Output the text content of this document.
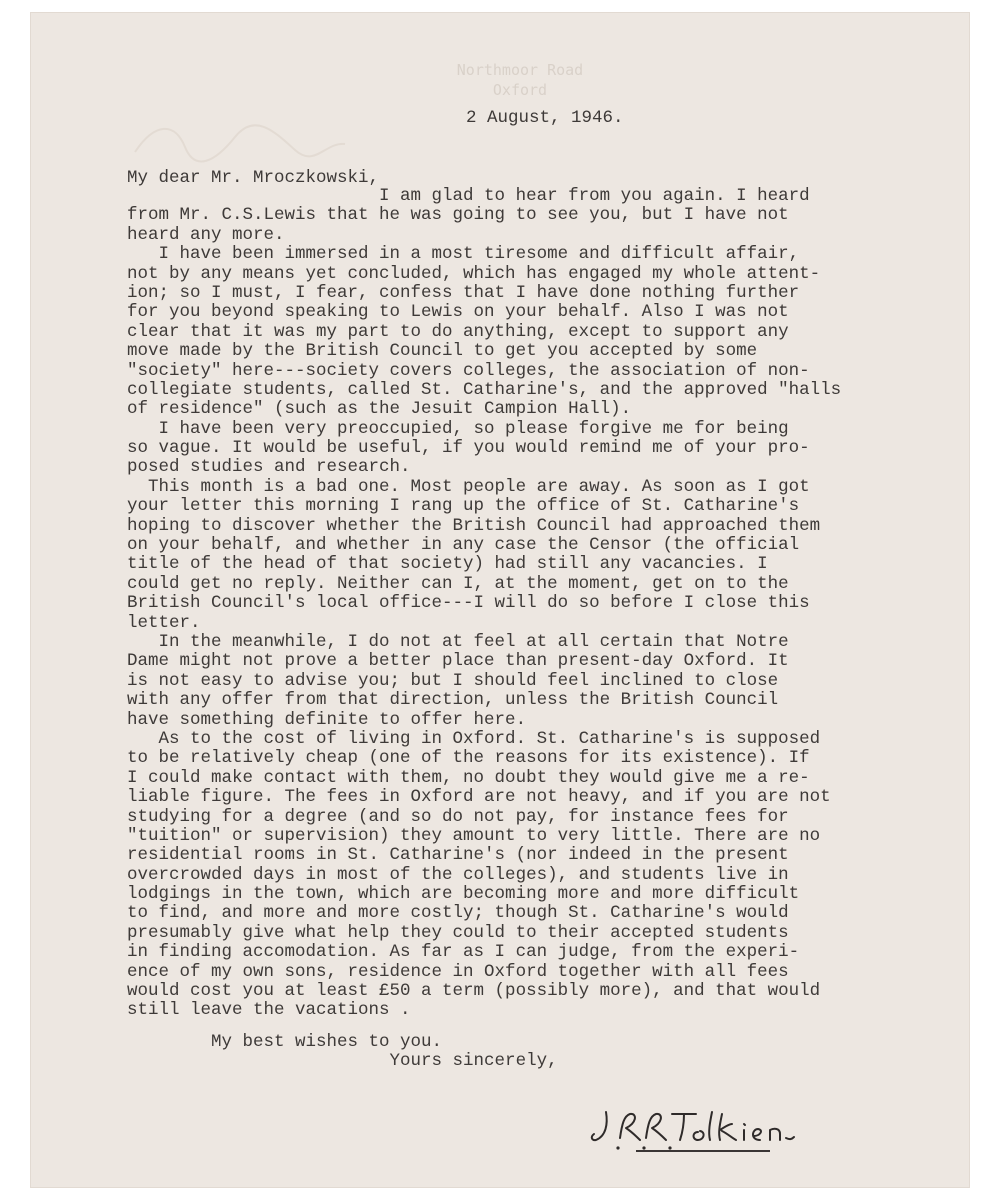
Northmoor Road
Oxford
2 August, 1946.
My dear Mr. Mroczkowski,
I am glad to hear from you again. I heard
from Mr. C.S.Lewis that he was going to see you, but I have not
heard any more.
I have been immersed in a most tiresome and difficult affair,
not by any means yet concluded, which has engaged my whole attent-
ion; so I must, I fear, confess that I have done nothing further
for you beyond speaking to Lewis on your behalf. Also I was not
clear that it was my part to do anything, except to support any
move made by the British Council to get you accepted by some
"society" here---society covers colleges, the association of non-
collegiate students, called St. Catharine's, and the approved "halls
of residence" (such as the Jesuit Campion Hall).
I have been very preoccupied, so please forgive me for being
so vague. It would be useful, if you would remind me of your pro-
posed studies and research.
This month is a bad one. Most people are away. As soon as I got
your letter this morning I rang up the office of St. Catharine's
hoping to discover whether the British Council had approached them
on your behalf, and whether in any case the Censor (the official
title of the head of that society) had still any vacancies. I
could get no reply. Neither can I, at the moment, get on to the
British Council's local office---I will do so before I close this
letter.
In the meanwhile, I do not at feel at all certain that Notre
Dame might not prove a better place than present-day Oxford. It
is not easy to advise you; but I should feel inclined to close
with any offer from that direction, unless the British Council
have something definite to offer here.
As to the cost of living in Oxford. St. Catharine's is supposed
to be relatively cheap (one of the reasons for its existence). If
I could make contact with them, no doubt they would give me a re-
liable figure. The fees in Oxford are not heavy, and if you are not
studying for a degree (and so do not pay, for instance fees for
"tuition" or supervision) they amount to very little. There are no
residential rooms in St. Catharine's (nor indeed in the present
overcrowded days in most of the colleges), and students live in
lodgings in the town, which are becoming more and more difficult
to find, and more and more costly; though St. Catharine's would
presumably give what help they could to their accepted students
in finding accomodation. As far as I can judge, from the experi-
ence of my own sons, residence in Oxford together with all fees
would cost you at least £50 a term (possibly more), and that would
still leave the vacations .
My best wishes to you.
Yours sincerely,
